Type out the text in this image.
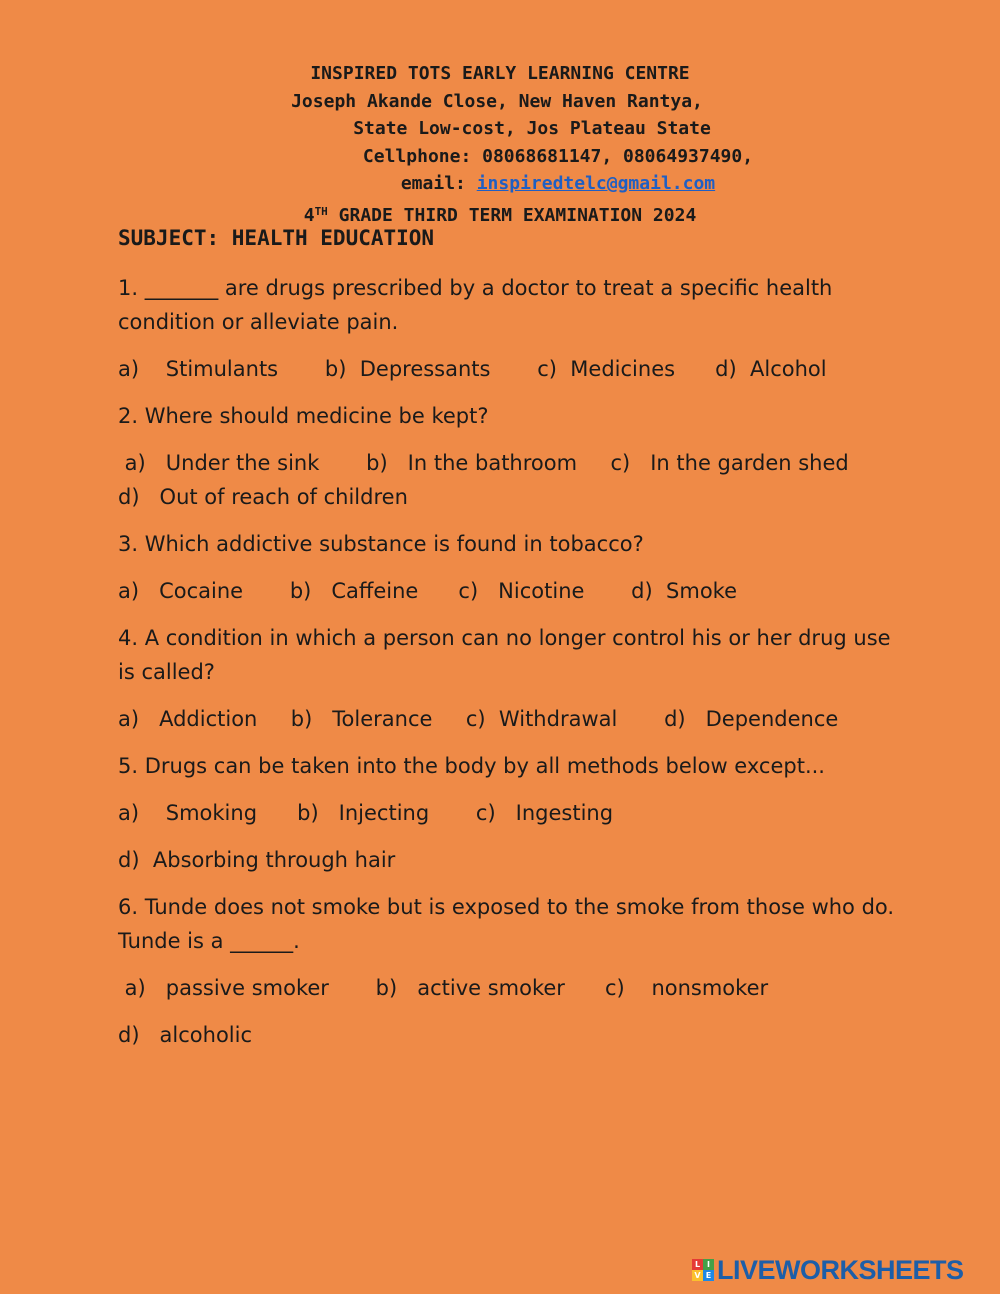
INSPIRED TOTS EARLY LEARNING CENTRE
Joseph Akande Close, New Haven Rantya,
State Low-cost, Jos Plateau State
Cellphone: 08068681147, 08064937490,
email: inspiredtelc@gmail.com
4TH GRADE THIRD TERM EXAMINATION 2024
SUBJECT: HEALTH EDUCATION
1. _______ are drugs prescribed by a doctor to treat a specific health condition or alleviate pain.
a)    Stimulants b)  Depressants c)  Medicines d)  Alcohol
2. Where should medicine be kept?
a)   Under the sink b)   In the bathroom c)   In the garden shed
d)   Out of reach of children
3. Which addictive substance is found in tobacco?
a)   Cocaine b)   Caffeine c)   Nicotine d)  Smoke
4. A condition in which a person can no longer control his or her drug use is called?
a)   Addiction b)   Tolerance c)  Withdrawal d)   Dependence
5. Drugs can be taken into the body by all methods below except...
a)    Smoking b)   Injecting c)   Ingesting
d)  Absorbing through hair
6. Tunde does not smoke but is exposed to the smoke from those who do. Tunde is a ______.
a)   passive smoker b)   active smoker c)    nonsmoker
d)   alcoholic
L I
V E LIVEWORKSHEETS
